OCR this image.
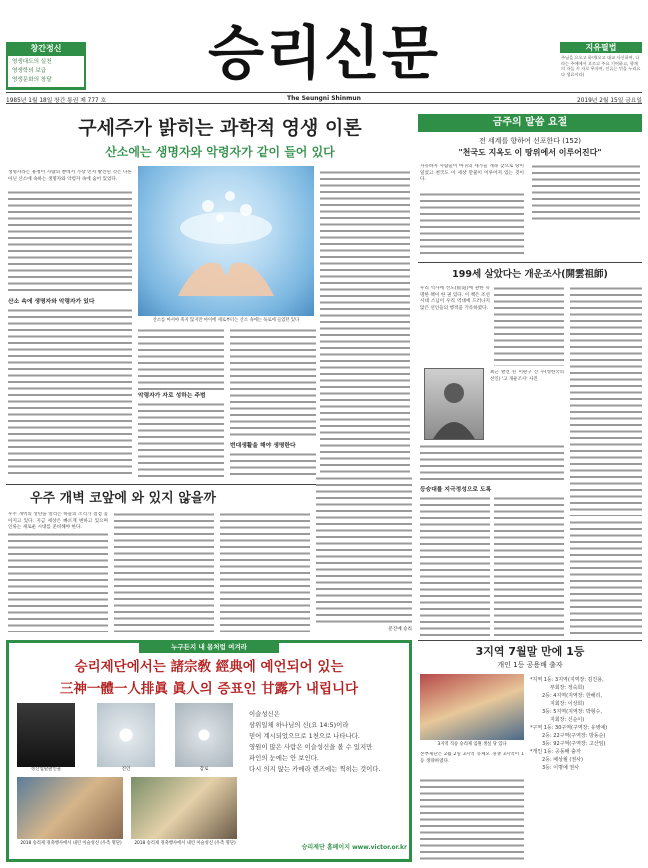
창간정신
영생대도의 실천
영생학의 보급
영생문화의 창달	승리신문	지유필법
주님을 으오고 하며(오고 대교 사신하여, 나라는 주에에서 오르고 주요 기여하고, 행재의 자들 시 자로 무자여, 인류는 민을 누리요다 생료이라)
1985년 1월 18일 창간 통권 제 777 호	The Seungni Shinmun	2019년 2월 15일 금요일
구세주가 밝히는 과학적 영생 이론
산소에는 생명자와 악령자가 같이 들어 있다
생명자라는 용정이 사람의 뿐데서 가장 먼저 발견된 것은 다른 아닌 산소에 속하는 생명자와 악령자 속에 숨어 있었다.
산소 속에 생명자와 악령자가 있다
산소를 마셔야 죽지 않지만 마이에 세로부터는 산소 속에는 독로에 들었던 있다
악령자가 자로 성하는 주범
번대생활을 해야 생명한다
금주의 말씀 요절
전 세계를 향하여 선포한다 (152)
"천국도 지옥도 이 땅위에서 이루어진다"
자유하자 사람들이 마귀의 세가들 계속 찾으로 땅이 일었고 천국도 이 세상 만물이 이루어져 있는 것이다.
199세 살았다는 개운조사(開雲祖師)
우리 역사에 선도(仙道)에 관한 유명한 책이 한 권 있다. 이 책은 조선시대 스님이 우리 역대에 드러나지 않은 선인들의 행적을 기록하였다.
최근 발견 된 이판구 산 수(영한국의 선인) '고 개운조사' 사진
등승대를 지극정성으로 도록
우주 개벽 코앞에 와 있지 않을까
우주 개벽의 성탄을 알리는 하늘의 소리가 점점 높아지고 있다. 지금 세상은 빠르게 변하고 있으며 인류는 새로운 시대를 준비해야 한다.
문진예 승리
누구든지 내 몸처럼 여겨라
승리제단에서는 諸宗敎 經典에 예언되어 있는
三神一體一人排眞 眞人의 증표인 甘露가 내립니다
성산업팔팔인물	진인	감로
2018 승리제 경축행사에서 내린 이슬성신 (우측 명단)	2018 승리제 경축행사에서 내린 이슬성신 (우측 명단)
이슬성신은
삼위일체 하나님의 신(요 14:5)이라
믿어 계시되었으므로 1천으로 나타나다.
영원이 많은 사람은 이슬성신을 볼 수 있지만
파인의 눈에는 안 보인다.
다시 의지 않는 카메라 렌즈에는 찍히는 것이다.
승리제단 홈페이지 www.victor.or.kr
3지역 7월말 만에 1등
개인 1등 공용배 출자
3지역 직승 승리제 임원 생설 당 있다
본부제단은 2월 2일 3지역 유체모 경쟁 3지역이 1등 생략하였다.
*지역 1등: 3지역(지역장: 김진용,
부회장: 정숙희)
2등: 4지역(지역장: 한해리,
지회장: 이상희)
3등: 5지역(지역장: 박형수,
지회장: 신순이)
*구역 1등: 30구역(구역장: 유병예)
2등: 22구역(구역장: 방동순)
3등: 92구역(구역장: 고산임)
*개인 1등: 공동배 출자
2등: 배상월 (권사)
3등: 이명예 권사
